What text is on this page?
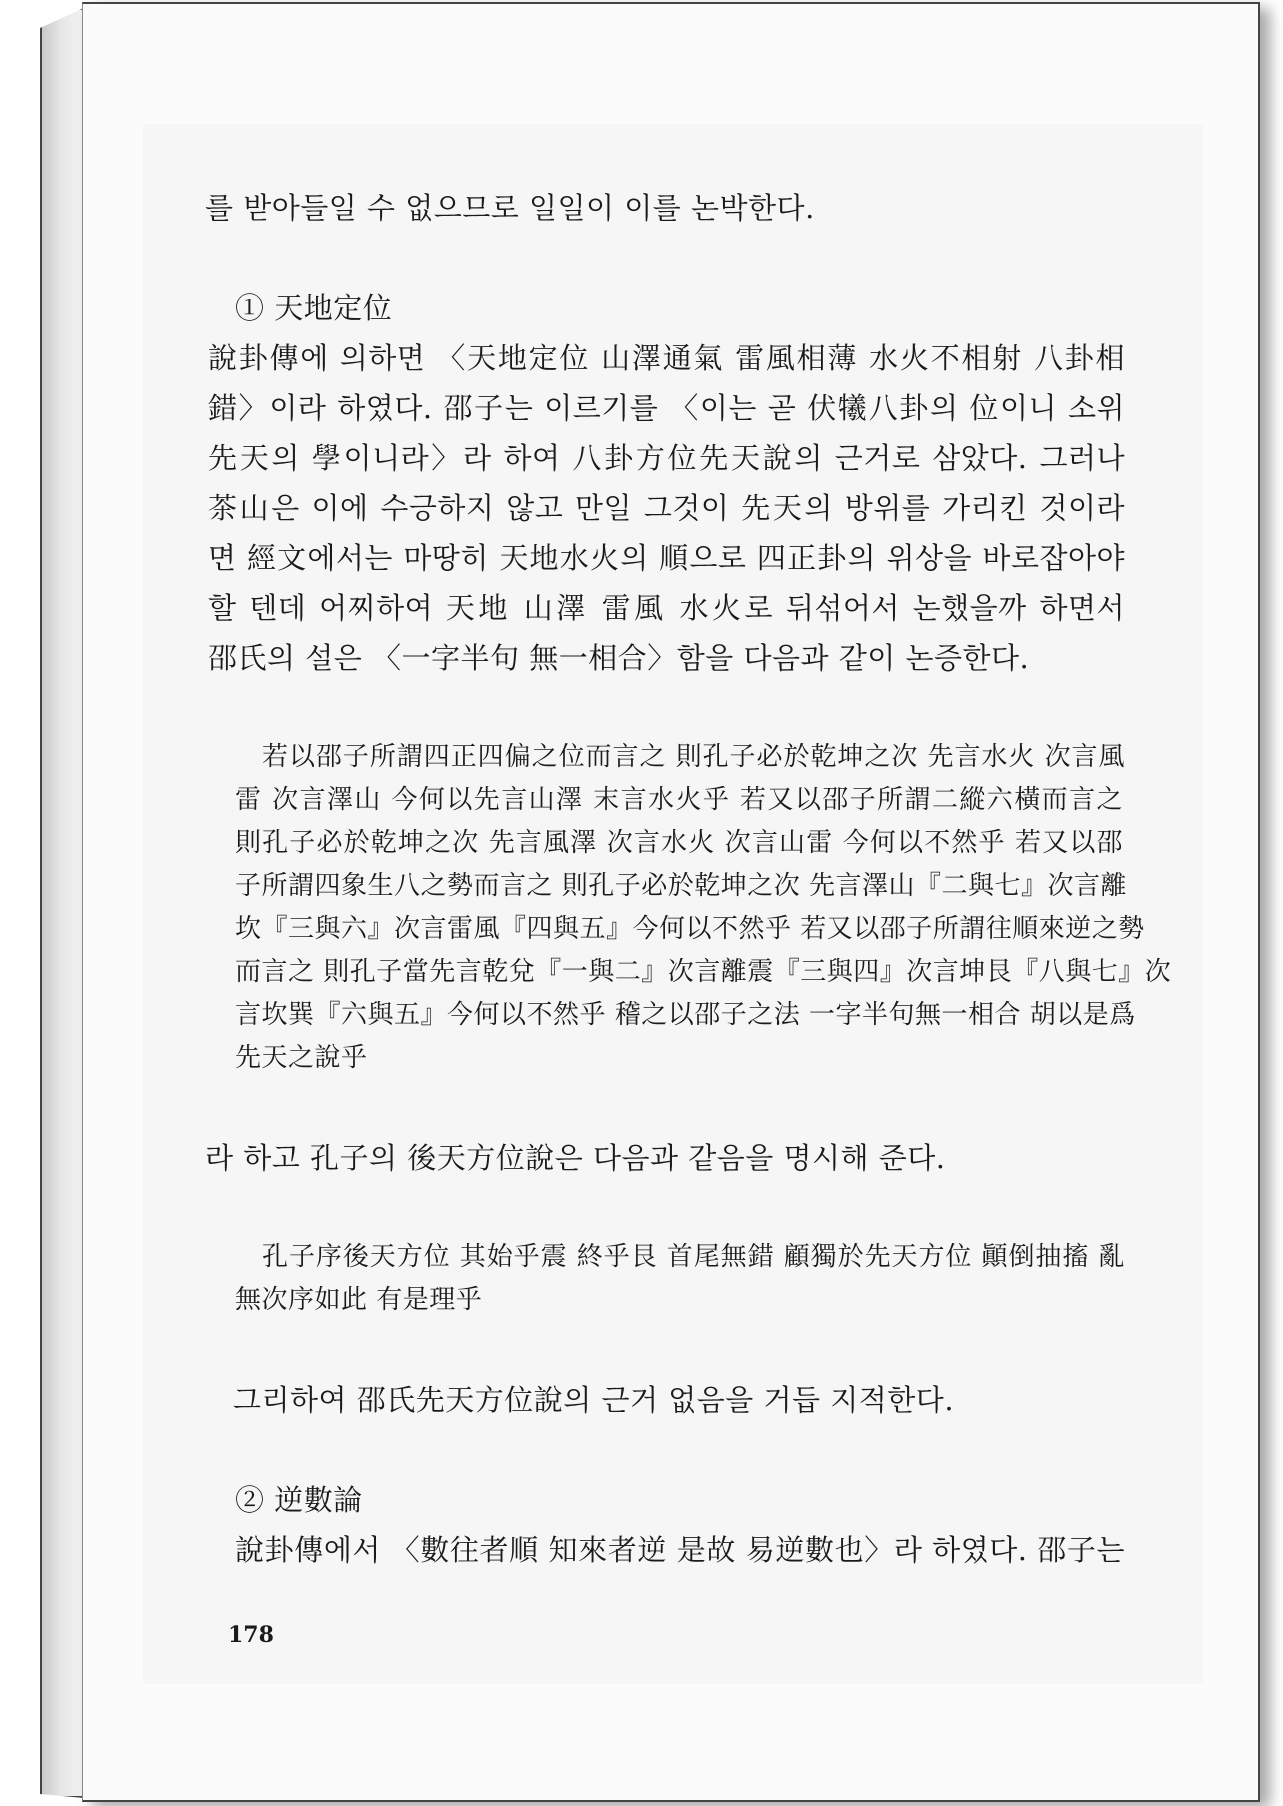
를 받아들일 수 없으므로 일일이 이를 논박한다.
① 天地定位
說卦傳에 의하면 〈天地定位 山澤通氣 雷風相薄 水火不相射 八卦相
錯〉이라 하였다. 邵子는 이르기를 〈이는 곧 伏犧八卦의 位이니 소위
先天의 學이니라〉라 하여 八卦方位先天說의 근거로 삼았다. 그러나
茶山은 이에 수긍하지 않고 만일 그것이 先天의 방위를 가리킨 것이라
면 經文에서는 마땅히 天地水火의 順으로 四正卦의 위상을 바로잡아야
할 텐데 어찌하여 天地 山澤 雷風 水火로 뒤섞어서 논했을까 하면서
邵氏의 설은 〈一字半句 無一相合〉함을 다음과 같이 논증한다.
若以邵子所謂四正四偏之位而言之 則孔子必於乾坤之次 先言水火 次言風
雷 次言澤山 今何以先言山澤 末言水火乎 若又以邵子所謂二縱六橫而言之
則孔子必於乾坤之次 先言風澤 次言水火 次言山雷 今何以不然乎 若又以邵
子所謂四象生八之勢而言之 則孔子必於乾坤之次 先言澤山『二與七』次言離
坎『三與六』次言雷風『四與五』今何以不然乎 若又以邵子所謂往順來逆之勢
而言之 則孔子當先言乾兌『一與二』次言離震『三與四』次言坤艮『八與七』次
言坎巽『六與五』今何以不然乎 稽之以邵子之法 一字半句無一相合 胡以是爲
先天之說乎
라 하고 孔子의 後天方位說은 다음과 같음을 명시해 준다.
孔子序後天方位 其始乎震 終乎艮 首尾無錯 顧獨於先天方位 顚倒抽搐 亂
無次序如此 有是理乎
그리하여 邵氏先天方位說의 근거 없음을 거듭 지적한다.
② 逆數論
說卦傳에서 〈數往者順 知來者逆 是故 易逆數也〉라 하였다. 邵子는
178
